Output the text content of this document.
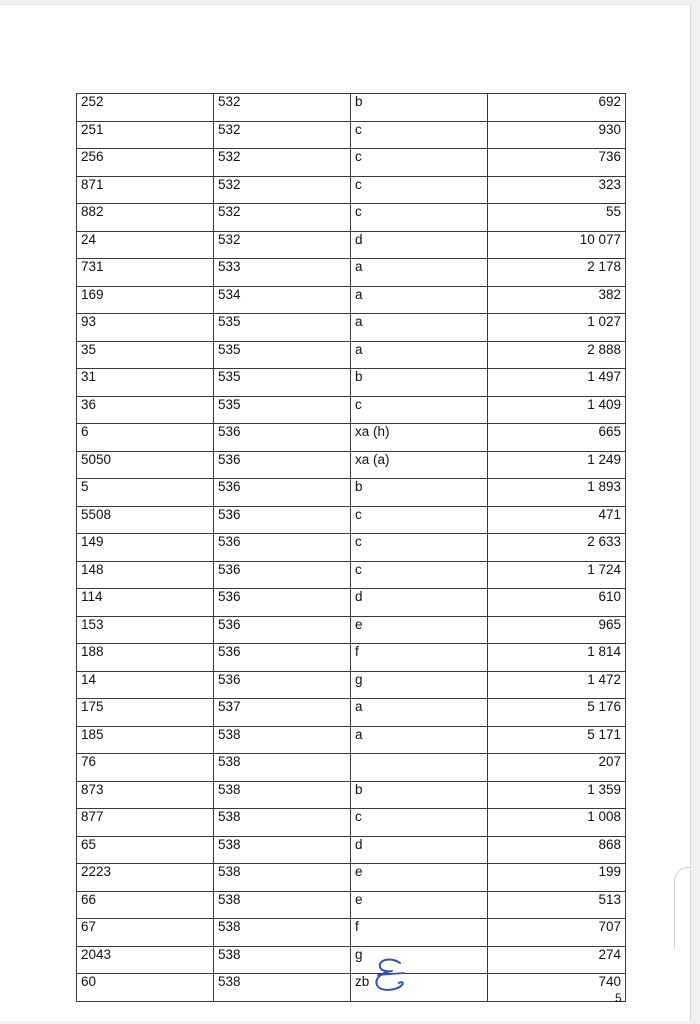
252	532	b	692
251	532	c	930
256	532	c	736
871	532	c	323
882	532	c	55
24	532	d	10 077
731	533	a	2 178
169	534	a	382
93	535	a	1 027
35	535	a	2 888
31	535	b	1 497
36	535	c	1 409
6	536	xa (h)	665
5050	536	xa (a)	1 249
5	536	b	1 893
5508	536	c	471
149	536	c	2 633
148	536	c	1 724
114	536	d	610
153	536	e	965
188	536	f	1 814
14	536	g	1 472
175	537	a	5 176
185	538	a	5 171
76	538		207
873	538	b	1 359
877	538	c	1 008
65	538	d	868
2223	538	e	199
66	538	e	513
67	538	f	707
2043	538	g	274
60	538	zb	740
5
